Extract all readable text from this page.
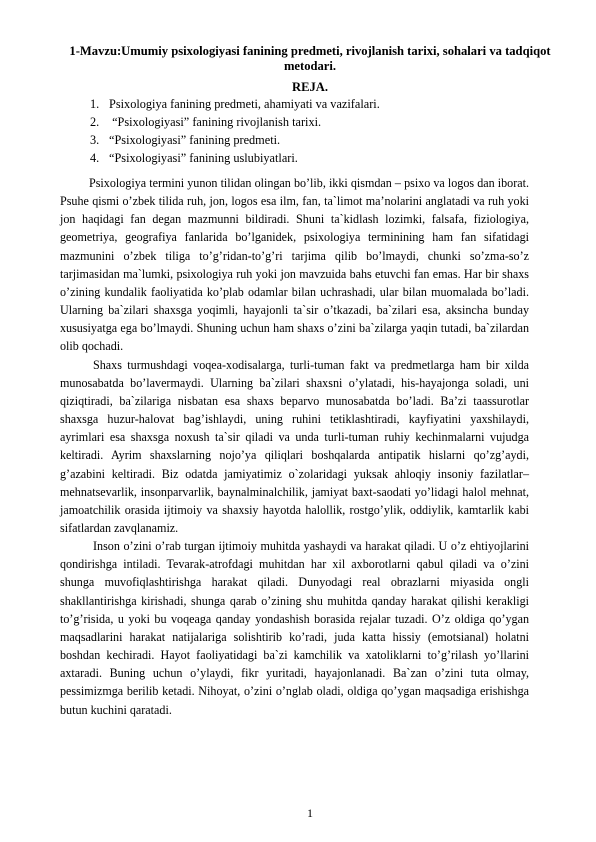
1-Mavzu:Umumiy psixologiyasi fanining predmeti, rivojlanish tarixi, sohalari va tadqiqot metodari.
REJA.
1. Psixologiya fanining predmeti, ahamiyati va vazifalari.
2. “Psixologiyasi” fanining rivojlanish tarixi.
3. “Psixologiyasi” fanining predmeti.
4. “Psixologiyasi” fanining uslubiyatlari.

Psixologiya termini yunon tilidan olingan bo’lib, ikki qismdan – psixo va logos dan iborat. Psuhe qismi o’zbek tilida ruh, jon, logos esa ilm, fan, ta`limot ma’nolarini anglatadi va ruh yoki jon haqidagi fan degan mazmunni bildiradi. Shuni ta`kidlash lozimki, falsafa, fiziologiya, geometriya, geografiya fanlarida bo’lganidek, psixologiya terminining ham fan sifatidagi mazmunini o’zbek tiliga to’g’ridan-to’g’ri tarjima qilib bo’lmaydi, chunki so’zma-so’z tarjimasidan ma`lumki, psixologiya ruh yoki jon mavzuida bahs etuvchi fan emas. Har bir shaxs o’zining kundalik faoliyatida ko’plab odamlar bilan uchrashadi, ular bilan muomalada bo’ladi. Ularning ba`zilari shaxsga yoqimli, hayajonli ta`sir o’tkazadi, ba`zilari esa, aksincha bunday xususiyatga ega bo’lmaydi. Shuning uchun ham shaxs o’zini ba`zilarga yaqin tutadi, ba`zilardan olib qochadi.

Shaxs turmushdagi voqea-xodisalarga, turli-tuman fakt va predmetlarga ham bir xilda munosabatda bo’lavermaydi. Ularning ba`zilari shaxsni o’ylatadi, his-hayajonga soladi, uni qiziqtiradi, ba`zilariga nisbatan esa shaxs beparvo munosabatda bo’ladi. Ba’zi taassurotlar shaxsga huzur-halovat bag’ishlaydi, uning ruhini tetiklashtiradi, kayfiyatini yaxshilaydi, ayrimlari esa shaxsga noxush ta`sir qiladi va unda turli-tuman ruhiy kechinmalarni vujudga keltiradi. Ayrim shaxslarning nojo’ya qiliqlari boshqalarda antipatik hislarni qo’zg’aydi, g’azabini keltiradi. Biz odatda jamiyatimiz o`zolaridagi yuksak ahloqiy insoniy fazilatlar–mehnatsevarlik, insonparvarlik, baynalminalchilik, jamiyat baxt-saodati yo’lidagi halol mehnat, jamoatchilik orasida ijtimoiy va shaxsiy hayotda halollik, rostgo’ylik, oddiylik, kamtarlik kabi sifatlardan zavqlanamiz.

Inson o’zini o’rab turgan ijtimoiy muhitda yashaydi va harakat qiladi. U o’z ehtiyojlarini qondirishga intiladi. Tevarak-atrofdagi muhitdan har xil axborotlarni qabul qiladi va o’zini shunga muvofiqlashtirishga harakat qiladi. Dunyodagi real obrazlarni miyasida ongli shakllantirishga kirishadi, shunga qarab o’zining shu muhitda qanday harakat qilishi kerakligi to’g’risida, u yoki bu voqeaga qanday yondashish borasida rejalar tuzadi. O’z oldiga qo’ygan maqsadlarini harakat natijalariga solishtirib ko’radi, juda katta hissiy (emotsianal) holatni boshdan kechiradi. Hayot faoliyatidagi ba`zi kamchilik va xatoliklarni to’g’rilash yo’llarini axtaradi. Buning uchun o’ylaydi, fikr yuritadi, hayajonlanadi. Ba`zan o’zini tuta olmay, pessimizmga berilib ketadi. Nihoyat, o’zini o’nglab oladi, oldiga qo’ygan maqsadiga erishishga butun kuchini qaratadi.

1
